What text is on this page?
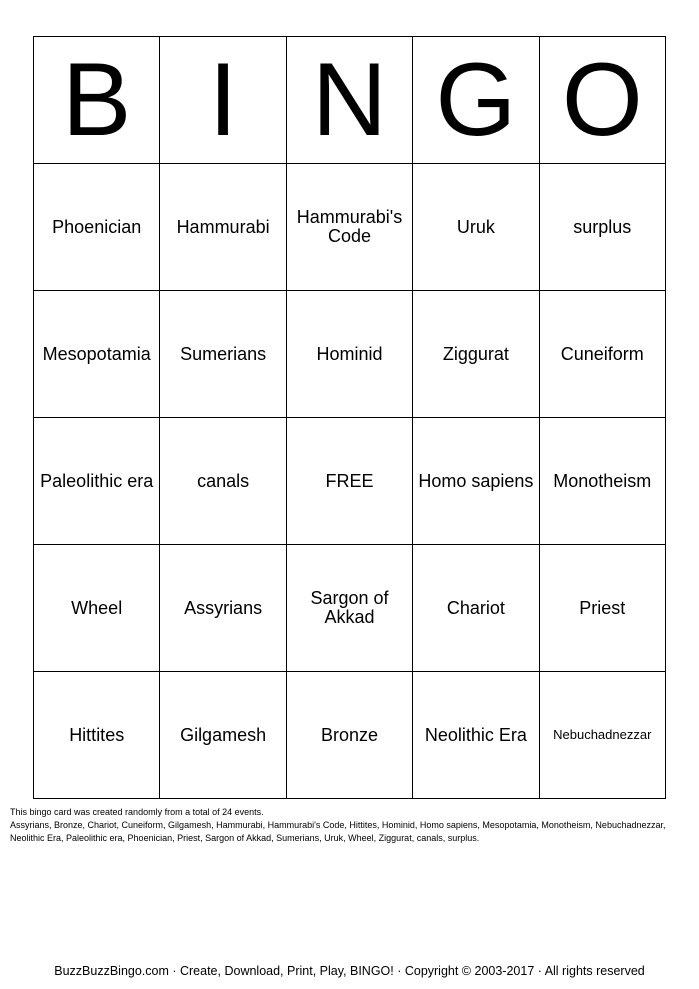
B	I	N	G	O
Phoenician	Hammurabi	Hammurabi's Code	Uruk	surplus
Mesopotamia	Sumerians	Hominid	Ziggurat	Cuneiform
Paleolithic era	canals	FREE	Homo sapiens	Monotheism
Wheel	Assyrians	Sargon of Akkad	Chariot	Priest
Hittites	Gilgamesh	Bronze	Neolithic Era	Nebuchadnezzar

This bingo card was created randomly from a total of 24 events.

Assyrians, Bronze, Chariot, Cuneiform, Gilgamesh, Hammurabi, Hammurabi's Code, Hittites, Hominid, Homo sapiens, Mesopotamia, Monotheism, Nebuchadnezzar, Neolithic Era, Paleolithic era, Phoenician, Priest, Sargon of Akkad, Sumerians, Uruk, Wheel, Ziggurat, canals, surplus.

BuzzBuzzBingo.com · Create, Download, Print, Play, BINGO! · Copyright © 2003-2017 · All rights reserved
